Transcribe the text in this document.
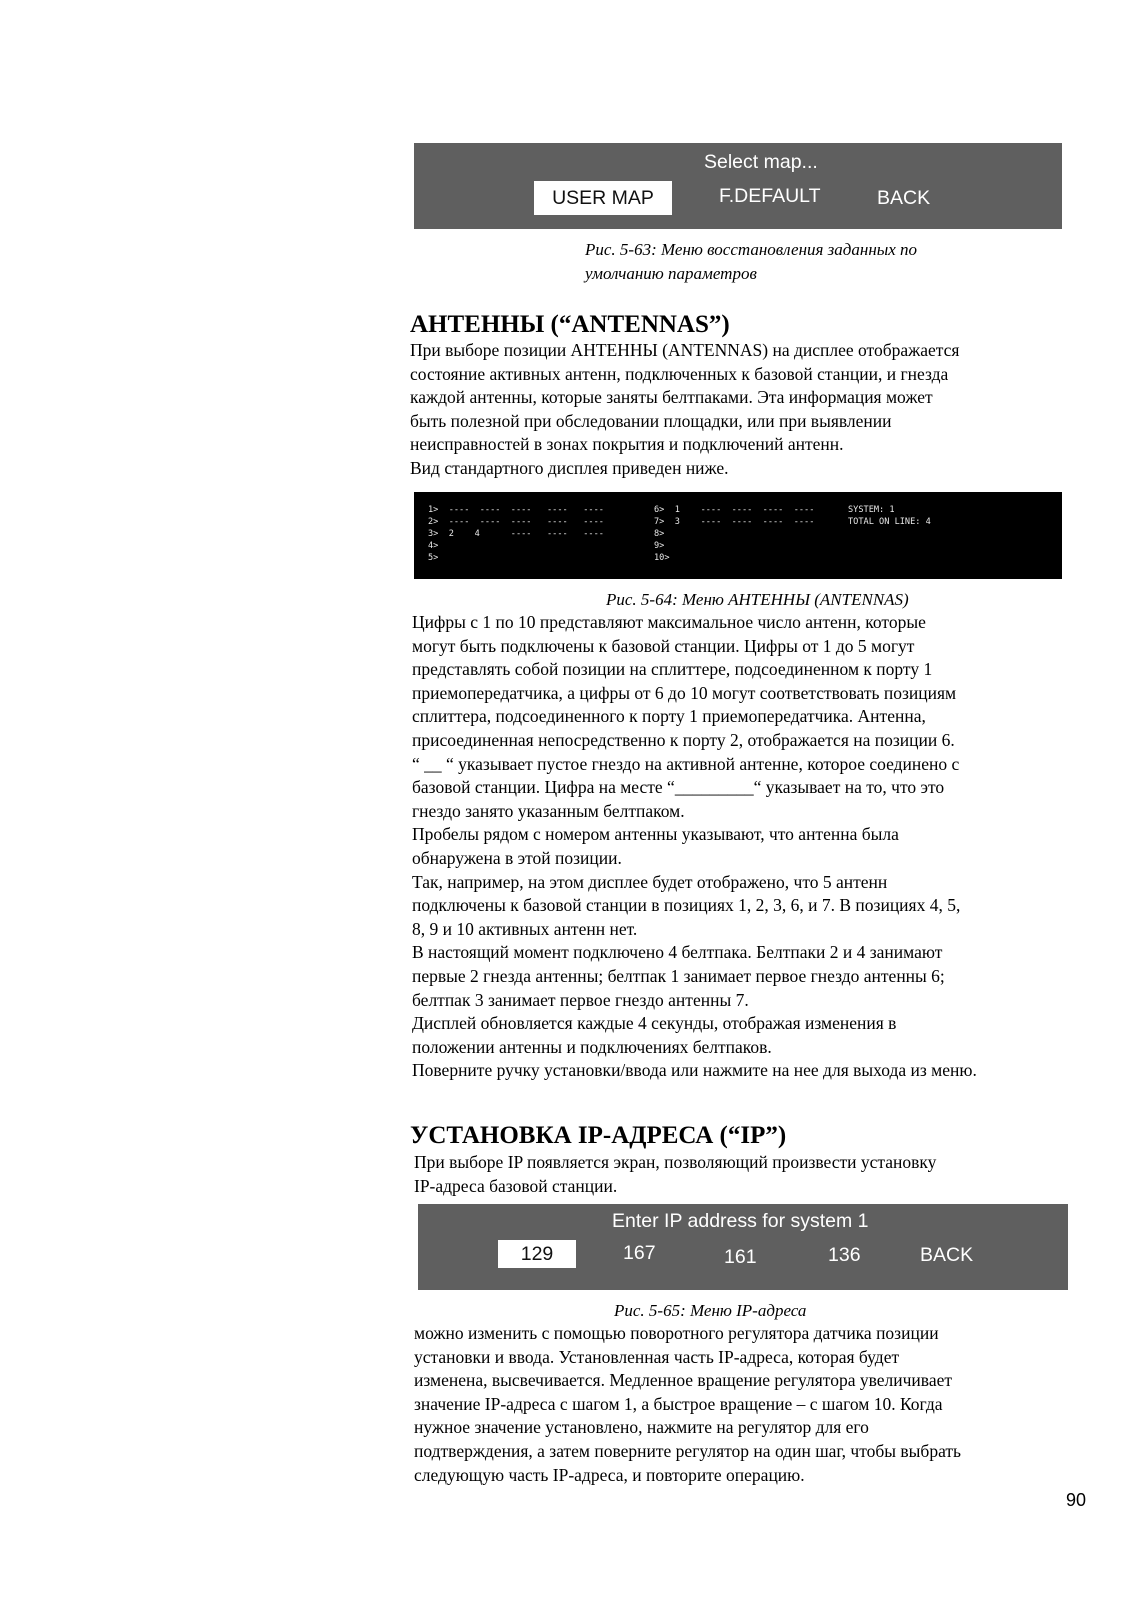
Select map...
USER MAP	F.DEFAULT	BACK
Рис. 5-63: Меню восстановления заданных по
умолчанию параметров
АНТЕННЫ (“ANTENNAS”)

При выборе позиции АНТЕННЫ (ANTENNAS) на дисплее отображается

состояние активных антенн, подключенных к базовой станции, и гнезда

каждой антенны, которые заняты белтпаками. Эта информация может

быть полезной при обследовании площадки, или при выявлении

неисправностей в зонах покрытия и подключений антенн.

Вид стандартного дисплея приведен ниже.

1>  ----  ----  ----   ----   ----
2>  ----  ----  ----   ----   ----
3>  2    4      ----   ----   ----
4>
5>
6>  1    ----  ----  ----  ----
7>  3    ----  ----  ----  ----
8>
9>
10>
SYSTEM: 1
TOTAL ON LINE: 4
Рис. 5-64: Меню АНТЕННЫ (ANTENNAS)

Цифры с 1 по 10 представляют максимальное число антенн, которые

могут быть подключены к базовой станции. Цифры от 1 до 5 могут

представлять собой позиции на сплиттере, подсоединенном к порту 1

приемопередатчика, а цифры от 6 до 10 могут соответствовать позициям

сплиттера, подсоединенного к порту 1 приемопередатчика. Антенна,

присоединенная непосредственно к порту 2, отображается на позиции 6.

“ __ “ указывает пустое гнездо на активной антенне, которое соединено с

базовой станции. Цифра на месте “_________“ указывает на то, что это

гнездо занято указанным белтпаком.

Пробелы рядом с номером антенны указывают, что антенна была

обнаружена в этой позиции.

Так, например, на этом дисплее будет отображено, что 5 антенн

подключены к базовой станции в позициях 1, 2, 3, 6, и 7. В позициях 4, 5,

8, 9 и 10 активных антенн нет.

В настоящий момент подключено 4 белтпака. Белтпаки 2 и 4 занимают

первые 2 гнезда антенны; белтпак 1 занимает первое гнездо антенны 6;

белтпак 3 занимает первое гнездо антенны 7.

Дисплей обновляется каждые 4 секунды, отображая изменения в

положении антенны и подключениях белтпаков.

Поверните ручку установки/ввода или нажмите на нее для выхода из меню.

УСТАНОВКА IP-АДРЕСА (“IP”)

При выборе IP появляется экран, позволяющий произвести установку

IP-адреса базовой станции.

Enter IP address for system 1
129	167	161	136	BACK
Рис. 5-65: Меню IP-адреса

можно изменить с помощью поворотного регулятора датчика позиции

установки и ввода. Установленная часть IP-адреса, которая будет

изменена, высвечивается. Медленное вращение регулятора увеличивает

значение IP-адреса с шагом 1, а быстрое вращение – с шагом 10. Когда

нужное значение установлено, нажмите на регулятор для его

подтверждения, а затем поверните регулятор на один шаг, чтобы выбрать

следующую часть IP-адреса, и повторите операцию.

90
